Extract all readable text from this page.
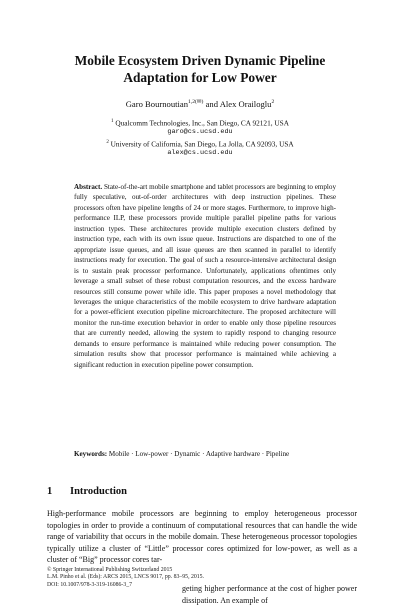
Mobile Ecosystem Driven Dynamic Pipeline
Adaptation for Low Power
Garo Bournoutian$^{1,2(✉)}$ and Alex Orailoglu$^2$
$^1$ Qualcomm Technologies, Inc., San Diego, CA 92121, USA
garo@cs.ucsd.edu
$^2$ University of California, San Diego, La Jolla, CA 92093, USA
alex@cs.ucsd.edu
Abstract. State-of-the-art mobile smartphone and tablet processors are beginning to employ fully speculative, out-of-order architectures with deep instruction pipelines. These processors often have pipeline lengths of 24 or more stages. Furthermore, to improve high-performance ILP, these processors provide multiple parallel pipeline paths for various instruction types. These architectures provide multiple execution clusters defined by instruction type, each with its own issue queue. Instructions are dispatched to one of the appropriate issue queues, and all issue queues are then scanned in parallel to identify instructions ready for execution. The goal of such a resource-intensive architectural design is to sustain peak processor performance. Unfortunately, applications oftentimes only leverage a small subset of these robust computation resources, and the excess hardware resources still consume power while idle. This paper proposes a novel methodology that leverages the unique characteristics of the mobile ecosystem to drive hardware adaptation for a power-efficient execution pipeline microarchitecture. The proposed architecture will monitor the run-time execution behavior in order to enable only those pipeline resources that are currently needed, allowing the system to rapidly respond to changing resource demands to ensure performance is maintained while reducing power consumption. The simulation results show that processor performance is maintained while achieving a significant reduction in execution pipeline power consumption.
Keywords: Mobile · Low-power · Dynamic · Adaptive hardware · Pipeline
1 Introduction
High-performance mobile processors are beginning to employ heterogeneous processor topologies in order to provide a continuum of computational resources that can handle the wide range of variability that occurs in the mobile domain. These heterogeneous processor topologies typically utilize a cluster of “Little” processor cores optimized for low-power, as well as a cluster of “Big” processor cores tar-
© Springer International Publishing Switzerland 2015
L.M. Pinho et al. (Eds): ARCS 2015, LNCS 9017, pp. 83–95, 2015.
DOI: 10.1007/978-3-319-16086-3_7	geting higher performance at the cost of higher power dissipation. An example of
